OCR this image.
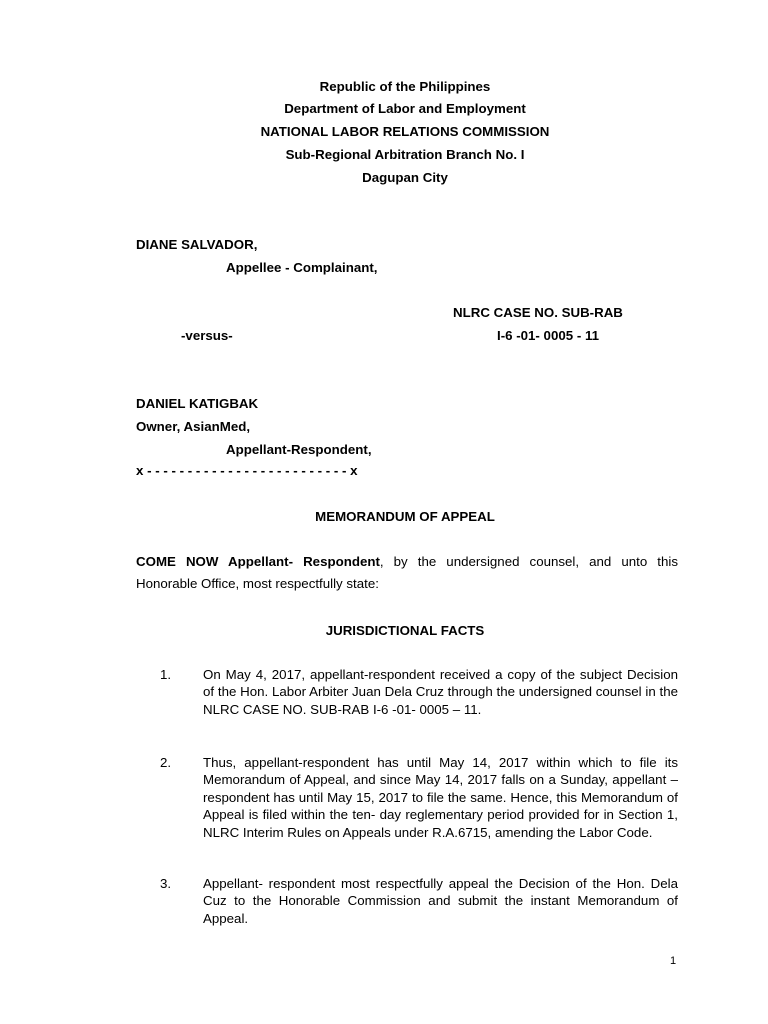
Republic of the Philippines
Department of Labor and Employment
NATIONAL LABOR RELATIONS COMMISSION
Sub-Regional Arbitration Branch No. I
Dagupan City
DIANE SALVADOR,
Appellee - Complainant,
NLRC CASE NO. SUB-RAB
-versus-	I-6 -01- 0005 - 11
DANIEL KATIGBAK
Owner, AsianMed,
Appellant-Respondent,
x - - - - - - - - - - - - - - - - - - - - - - - - - x
MEMORANDUM OF APPEAL
COME NOW Appellant- Respondent, by the undersigned counsel, and unto this Honorable Office, most respectfully state:
JURISDICTIONAL FACTS
1. On May 4, 2017, appellant-respondent received a copy of the subject Decision of the Hon. Labor Arbiter Juan Dela Cruz through the undersigned counsel in the NLRC CASE NO. SUB-RAB I-6 -01- 0005 – 11.
2. Thus, appellant-respondent has until May 14, 2017 within which to file its Memorandum of Appeal, and since May 14, 2017 falls on a Sunday, appellant – respondent has until May 15, 2017 to file the same. Hence, this Memorandum of Appeal is filed within the ten- day reglementary period provided for in Section 1, NLRC Interim Rules on Appeals under R.A.6715, amending the Labor Code.
3. Appellant- respondent most respectfully appeal the Decision of the Hon. Dela Cuz to the Honorable Commission and submit the instant Memorandum of Appeal.
1
